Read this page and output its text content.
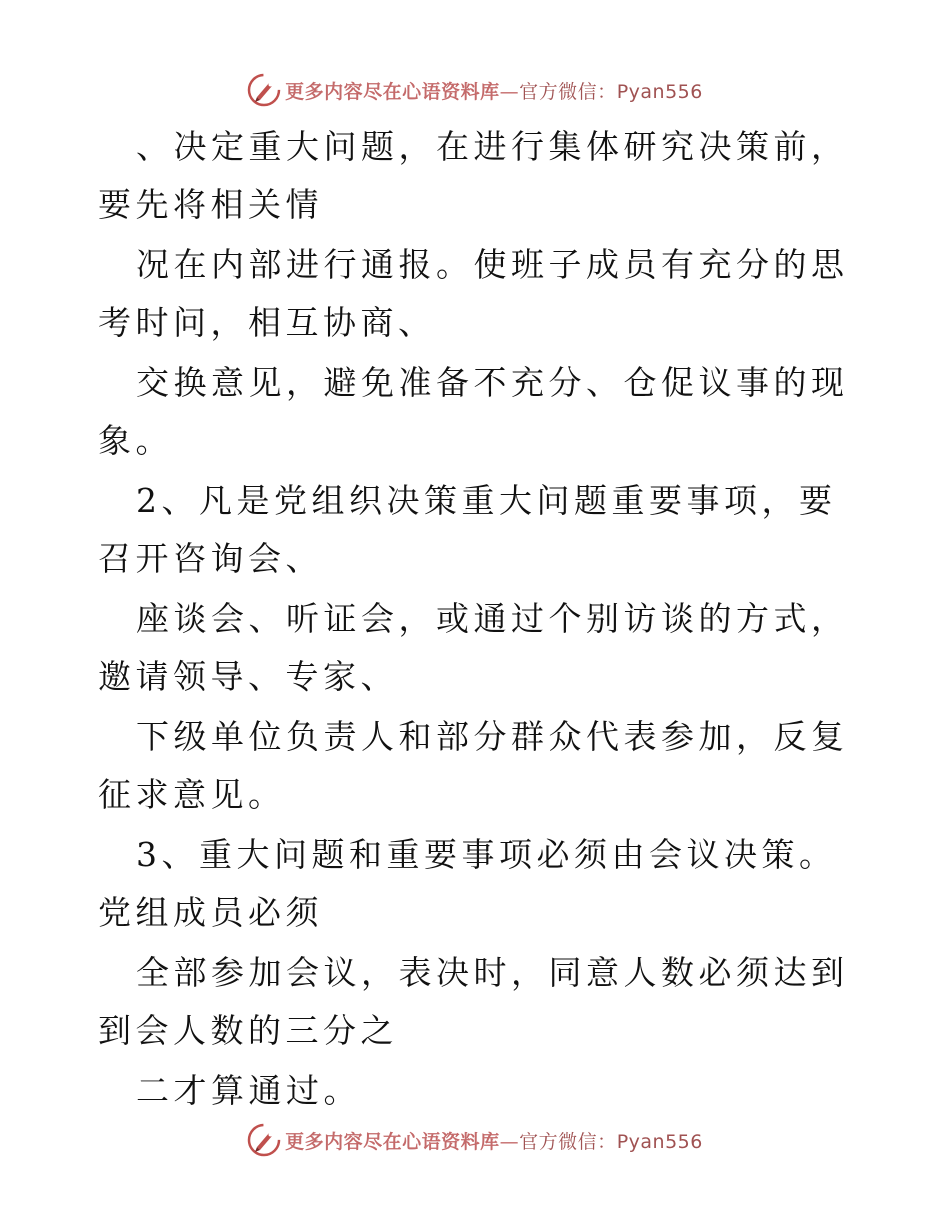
更多内容尽在心语资料库—官方微信：Pyan556

、决定重大问题，在进行集体研究决策前，要先将相关情

况在内部进行通报。使班子成员有充分的思考时问，相互协商、

交换意见，避免准备不充分、仓促议事的现象。

2、凡是党组织决策重大问题重要事项，要召开咨询会、

座谈会、听证会，或通过个别访谈的方式，邀请领导、专家、

下级单位负责人和部分群众代表参加，反复征求意见。

3、重大问题和重要事项必须由会议决策。党组成员必须

全部参加会议，表决时，同意人数必须达到到会人数的三分之

二才算通过。

更多内容尽在心语资料库—官方微信：Pyan556
